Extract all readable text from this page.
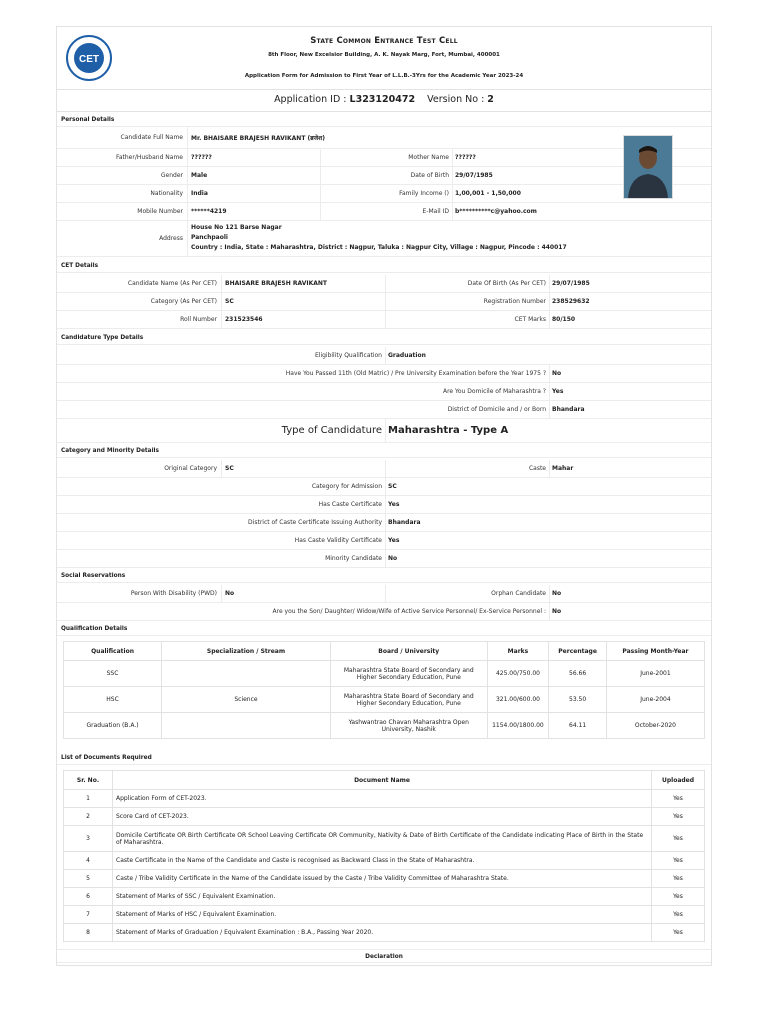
CET
State Common Entrance Test Cell
8th Floor, New Excelsior Building, A. K. Nayak Marg, Fort, Mumbai, 400001
Application Form for Admission to First Year of L.L.B.-3Yrs for the Academic Year 2023-24
Application ID : L323120472 Version No : 2
Personal Details
Candidate Full Name Mr. BHAISARE BRAJESH RAVIKANT (ब्रजेश)
Father/Husband Name ??????	Mother Name ??????
Gender Male	Date of Birth 29/07/1985
Nationality India	Family Income () 1,00,001 - 1,50,000
Mobile Number ******4219	E-Mail ID b**********c@yahoo.com
Address
House No 121 Barse Nagar
Panchpaoli
Country : India, State : Maharashtra, District : Nagpur, Taluka : Nagpur City, Village : Nagpur, Pincode : 440017
CET Details
Candidate Name (As Per CET) BHAISARE BRAJESH RAVIKANT	Date Of Birth (As Per CET) 29/07/1985
Category (As Per CET) SC	Registration Number 238529632
Roll Number 231523546	CET Marks 80/150
Candidature Type Details
Eligibility Qualification Graduation
Have You Passed 11th (Old Matric) / Pre University Examination before the Year 1975 ? No
Are You Domicile of Maharashtra ? Yes
District of Domicile and / or Born Bhandara
Type of Candidature Maharashtra - Type A
Category and Minority Details
Original Category SC	Caste Mahar
Category for Admission SC
Has Caste Certificate Yes
District of Caste Certificate Issuing Authority Bhandara
Has Caste Validity Certificate Yes
Minority Candidate No
Social Reservations
Person With Disability (PWD) No	Orphan Candidate No
Are you the Son/ Daughter/ Widow/Wife of Active Service Personnel/ Ex-Service Personnel : No
Qualification Details
Qualification	Specialization / Stream	Board / University	Marks	Percentage	Passing Month-Year
SSC		Maharashtra State Board of Secondary and Higher Secondary Education, Pune	425.00/750.00	56.66	June-2001
HSC	Science	Maharashtra State Board of Secondary and Higher Secondary Education, Pune	321.00/600.00	53.50	June-2004
Graduation (B.A.)		Yashwantrao Chavan Maharashtra Open University, Nashik	1154.00/1800.00	64.11	October-2020
List of Documents Required
Sr. No.	Document Name	Uploaded
1	Application Form of CET-2023.	Yes
2	Score Card of CET-2023.	Yes
3	Domicile Certificate OR Birth Certificate OR School Leaving Certificate OR Community, Nativity & Date of Birth Certificate of the Candidate indicating Place of Birth in the State of Maharashtra.	Yes
4	Caste Certificate in the Name of the Candidate and Caste is recognised as Backward Class in the State of Maharashtra.	Yes
5	Caste / Tribe Validity Certificate in the Name of the Candidate issued by the Caste / Tribe Validity Committee of Maharashtra State.	Yes
6	Statement of Marks of SSC / Equivalent Examination.	Yes
7	Statement of Marks of HSC / Equivalent Examination.	Yes
8	Statement of Marks of Graduation / Equivalent Examination : B.A., Passing Year 2020.	Yes
Declaration
